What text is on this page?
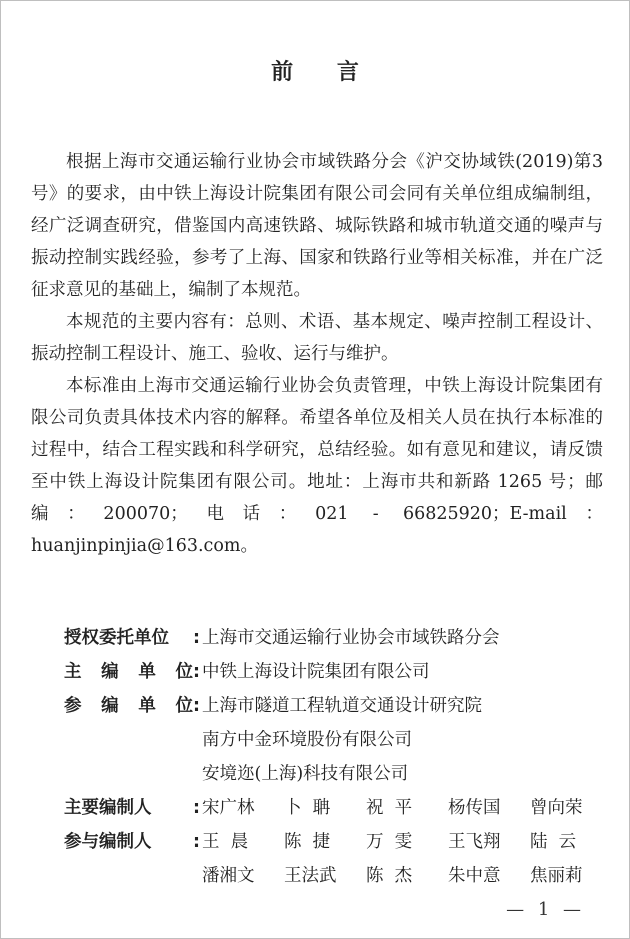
前 言

根据上海市交通运输行业协会市域铁路分会《沪交协域铁(2019)第3号》的要求，由中铁上海设计院集团有限公司会同有关单位组成编制组，经广泛调查研究，借鉴国内高速铁路、城际铁路和城市轨道交通的噪声与振动控制实践经验，参考了上海、国家和铁路行业等相关标准，并在广泛征求意见的基础上，编制了本规范。

本规范的主要内容有：总则、术语、基本规定、噪声控制工程设计、振动控制工程设计、施工、验收、运行与维护。

本标准由上海市交通运输行业协会负责管理，中铁上海设计院集团有限公司负责具体技术内容的解释。希望各单位及相关人员在执行本标准的过程中，结合工程实践和科学研究，总结经验。如有意见和建议，请反馈至中铁上海设计院集团有限公司。地址：上海市共和新路 1265 号；邮编：200070；电话：021 - 66825920；E-mail：huanjinpinjia@163.com。

授权委托单位 : 上海市交通运输行业协会市域铁路分会
主 编 单 位: 中铁上海设计院集团有限公司
参 编 单 位: 上海市隧道工程轨道交通设计研究院
南方中金环境股份有限公司
安境迩(上海)科技有限公司
主要编制人 : 宋广林	卜  聃	祝  平	杨传国	曾向荣
参与编制人 : 王  晨	陈  捷	万  雯	王飞翔	陆  云
潘湘文	王法武	陈  杰	朱中意	焦丽莉
— 1 —
